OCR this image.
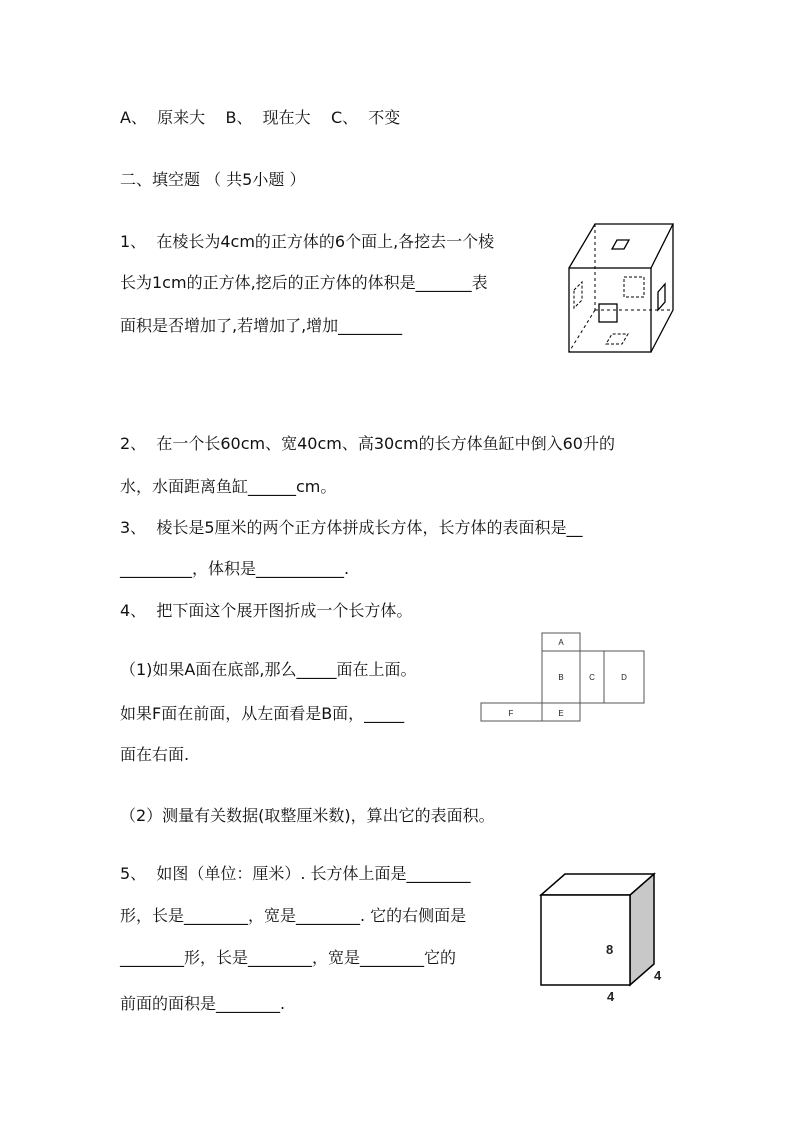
A、  原来大    B、  现在大    C、  不变
二、填空题 （ 共5小题 ）
1、  在棱长为4cm的正方体的6个面上,各挖去一个棱
长为1cm的正方体,挖后的正方体的体积是_______表
面积是否增加了,若增加了,增加________
2、  在一个长60cm、宽40cm、高30cm的长方体鱼缸中倒入60升的
水，水面距离鱼缸______cm。
3、  棱长是5厘米的两个正方体拼成长方体，长方体的表面积是__
_________，体积是___________.
4、  把下面这个展开图折成一个长方体。
（1)如果A面在底部,那么_____面在上面。
如果F面在前面，从左面看是B面，_____
面在右面.
（2）测量有关数据(取整厘米数)，算出它的表面积。
A
B	C	D
E
F
5、  如图（单位：厘米）. 长方体上面是________
形，长是________，宽是________. 它的右侧面是
________形，长是________，宽是________它的
前面的面积是________.
8
4
4
